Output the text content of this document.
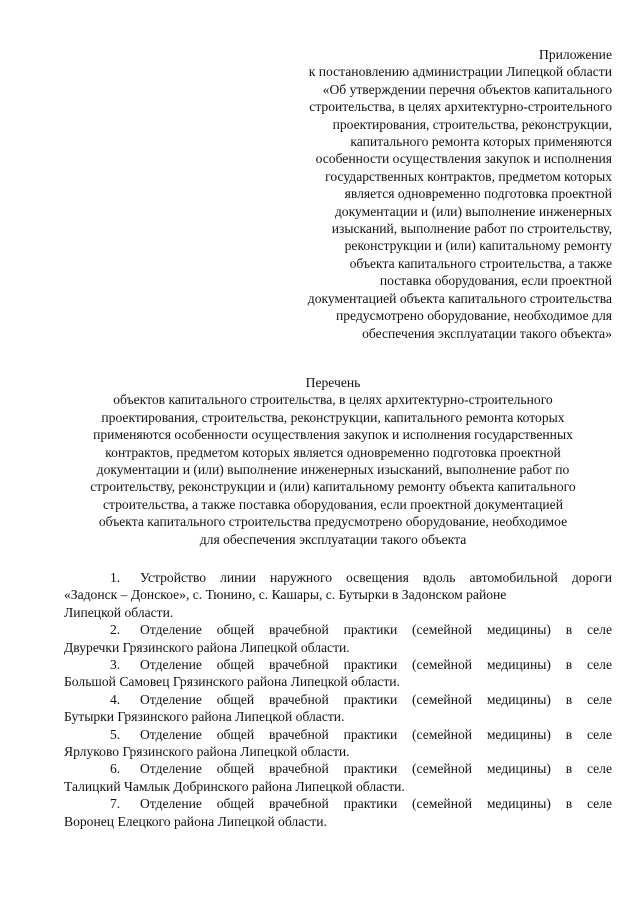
Приложение
к постановлению администрации Липецкой области
«Об утверждении перечня объектов капитального
строительства, в целях архитектурно-строительного
проектирования, строительства, реконструкции,
капитального ремонта которых применяются
особенности осуществления закупок и исполнения
государственных контрактов, предметом которых
является одновременно подготовка проектной
документации и (или) выполнение инженерных
изысканий, выполнение работ по строительству,
реконструкции и (или) капитальному ремонту
объекта капитального строительства, а также
поставка оборудования, если проектной
документацией объекта капитального строительства
предусмотрено оборудование, необходимое для
обеспечения эксплуатации такого объекта»
Перечень
объектов капитального строительства, в целях архитектурно-строительного
проектирования, строительства, реконструкции, капитального ремонта которых
применяются особенности осуществления закупок и исполнения государственных
контрактов, предметом которых является одновременно подготовка проектной
документации и (или) выполнение инженерных изысканий, выполнение работ по
строительству, реконструкции и (или) капитальному ремонту объекта капитального
строительства, а также поставка оборудования, если проектной документацией
объекта капитального строительства предусмотрено оборудование, необходимое
для обеспечения эксплуатации такого объекта
1. Устройство линии наружного освещения вдоль автомобильной дороги
«Задонск – Донское», с. Тюнино, с. Кашары, с. Бутырки в Задонском районе
Липецкой области.
2. Отделение общей врачебной практики (семейной медицины) в селе
Двуречки Грязинского района Липецкой области.
3. Отделение общей врачебной практики (семейной медицины) в селе
Большой Самовец Грязинского района Липецкой области.
4. Отделение общей врачебной практики (семейной медицины) в селе
Бутырки Грязинского района Липецкой области.
5. Отделение общей врачебной практики (семейной медицины) в селе
Ярлуково Грязинского района Липецкой области.
6. Отделение общей врачебной практики (семейной медицины) в селе
Талицкий Чамлык Добринского района Липецкой области.
7. Отделение общей врачебной практики (семейной медицины) в селе
Воронец Елецкого района Липецкой области.
